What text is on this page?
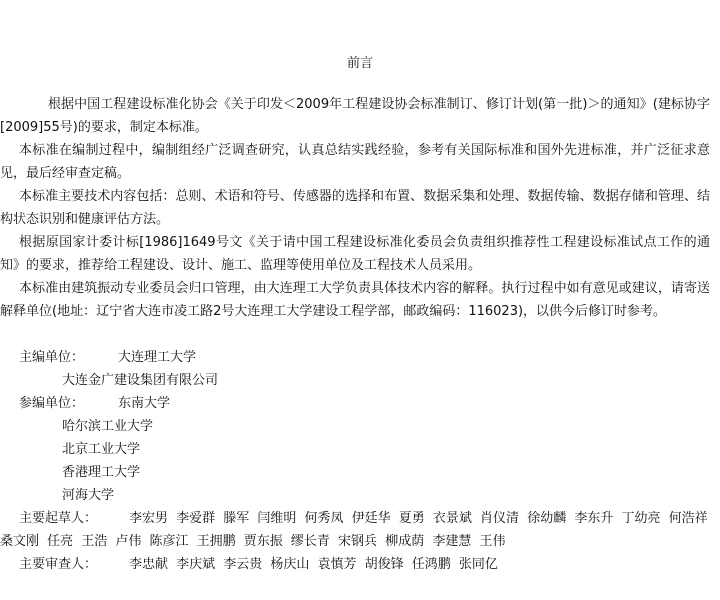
前言
根据中国工程建设标准化协会《关于印发＜2009年工程建设协会标准制订、修订计划(第一批)＞的通知》(建标协字[2009]55号)的要求，制定本标准。
本标准在编制过程中，编制组经广泛调查研究，认真总结实践经验，参考有关国际标准和国外先进标准，并广泛征求意见，最后经审查定稿。
本标准主要技术内容包括：总则、术语和符号、传感器的选择和布置、数据采集和处理、数据传输、数据存储和管理、结构状态识别和健康评估方法。
根据原国家计委计标[1986]1649号文《关于请中国工程建设标准化委员会负责组织推荐性工程建设标准试点工作的通知》的要求，推荐给工程建设、设计、施工、监理等使用单位及工程技术人员采用。
本标准由建筑振动专业委员会归口管理，由大连理工大学负责具体技术内容的解释。执行过程中如有意见或建议，请寄送解释单位(地址：辽宁省大连市凌工路2号大连理工大学建设工程学部，邮政编码：116023)，以供今后修订时参考。
主编单位：	大连理工大学
大连金广建设集团有限公司
参编单位：	东南大学
哈尔滨工业大学
北京工业大学
香港理工大学
河海大学
主要起草人： 李宏男 李爱群 滕军 闫维明 何秀凤 伊廷华 夏勇 衣景斌 肖仪清 徐幼麟 李东升 丁幼亮 何浩祥 桑文刚 任亮 王浩 卢伟 陈彦江 王拥鹏 贾东振 缪长青 宋钢兵 柳成荫 李建慧 王伟
主要审查人： 李忠献 李庆斌 李云贵 杨庆山 袁慎芳 胡俊锋 任鸿鹏 张同亿
